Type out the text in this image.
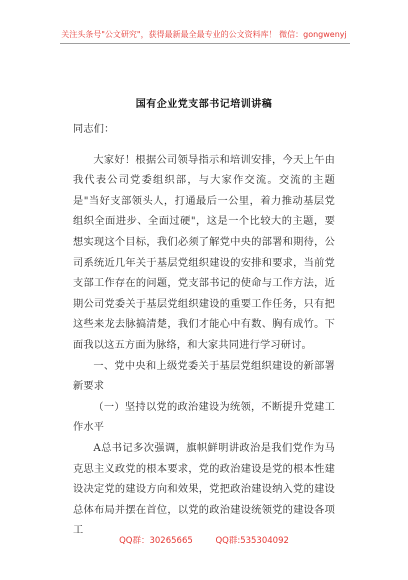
关注头条号"公文研究"，获得最新最全最专业的公文资料库！ 微信：gongwenyj
国有企业党支部书记培训讲稿

同志们：

大家好！根据公司领导指示和培训安排，今天上午由我代表公司党委组织部，与大家作交流。交流的主题是"当好支部领头人，打通最后一公里，着力推动基层党组织全面进步、全面过硬"，这是一个比较大的主题，要想实现这个目标，我们必须了解党中央的部署和期待，公司系统近几年关于基层党组织建设的安排和要求，当前党支部工作存在的问题，党支部书记的使命与工作方法，近期公司党委关于基层党组织建设的重要工作任务，只有把这些来龙去脉搞清楚，我们才能心中有数、胸有成竹。下面我以这五方面为脉络，和大家共同进行学习研讨。

一、党中央和上级党委关于基层党组织建设的新部署新要求

（一）坚持以党的政治建设为统领，不断提升党建工作水平

A总书记多次强调，旗帜鲜明讲政治是我们党作为马克思主义政党的根本要求，党的政治建设是党的根本性建设决定党的建设方向和效果，党把政治建设纳入党的建设总体布局并摆在首位，以党的政治建设统领党的建设各项工

QQ群：30265665	QQ群:535304092
